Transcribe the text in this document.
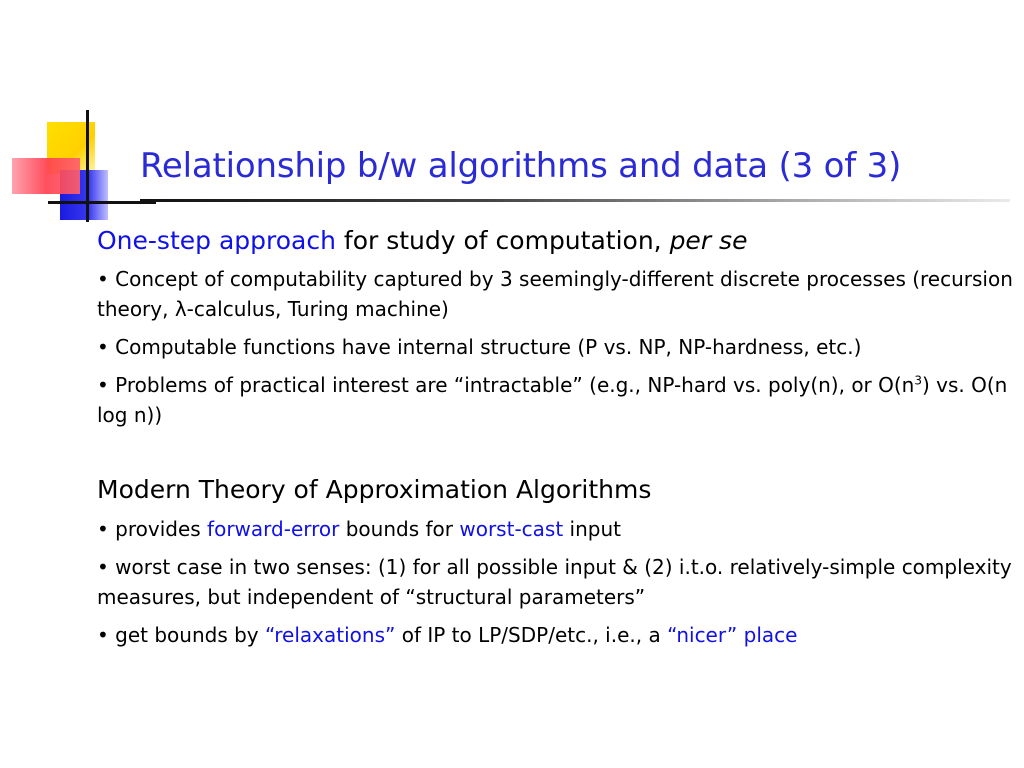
Relationship b/w algorithms and data (3 of 3)

One-step approach for study of computation, per se

• Concept of computability captured by 3 seemingly-different discrete processes (recursion theory, λ-calculus, Turing machine)

• Computable functions have internal structure (P vs. NP, NP-hardness, etc.)

• Problems of practical interest are “intractable” (e.g., NP-hard vs. poly(n), or $O(n^3)$ vs. O(n log n))

Modern Theory of Approximation Algorithms

• provides forward-error bounds for worst-cast input

• worst case in two senses: (1) for all possible input & (2) i.t.o. relatively-simple complexity measures, but independent of “structural parameters”

• get bounds by “relaxations” of IP to LP/SDP/etc., i.e., a “nicer” place
